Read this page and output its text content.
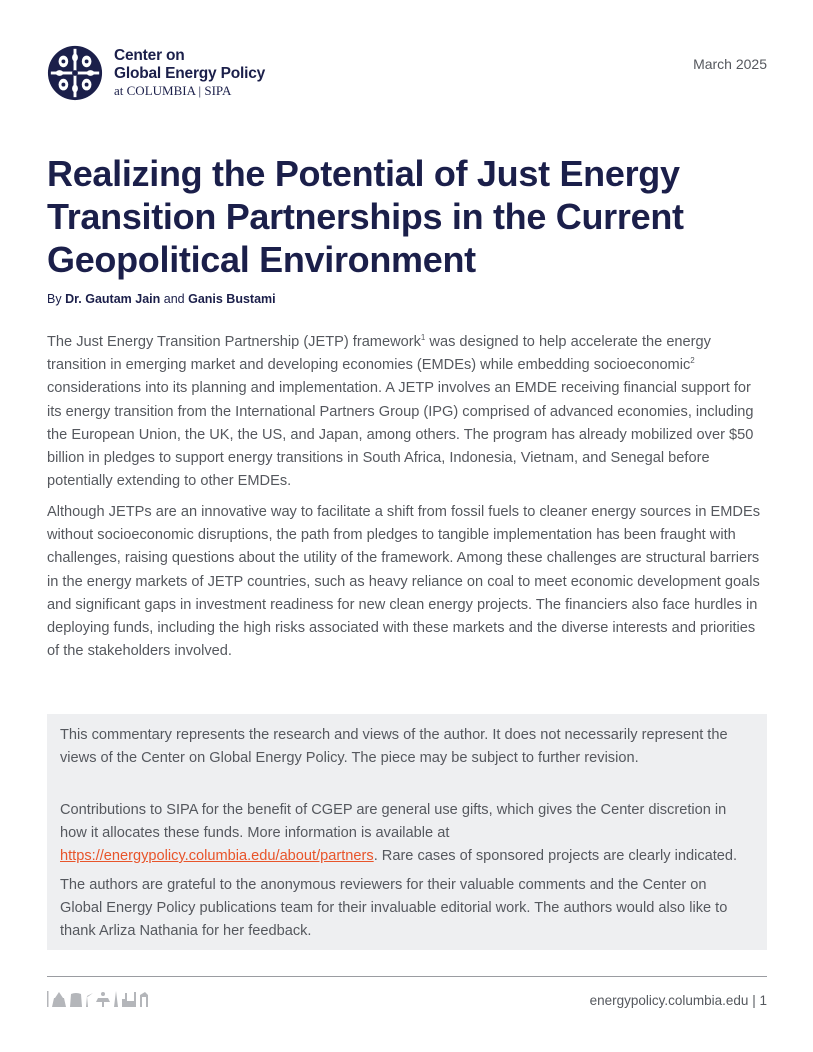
Center on
Global Energy Policy
at COLUMBIA | SIPA
March 2025
Realizing the Potential of Just Energy Transition Partnerships in the Current Geopolitical Environment
By Dr. Gautam Jain and Ganis Bustami

The Just Energy Transition Partnership (JETP) framework$^1$ was designed to help accelerate the energy transition in emerging market and developing economies (EMDEs) while embedding socioeconomic$^2$ considerations into its planning and implementation. A JETP involves an EMDE receiving financial support for its energy transition from the International Partners Group (IPG) comprised of advanced economies, including the European Union, the UK, the US, and Japan, among others. The program has already mobilized over $50 billion in pledges to support energy transitions in South Africa, Indonesia, Vietnam, and Senegal before potentially extending to other EMDEs.

Although JETPs are an innovative way to facilitate a shift from fossil fuels to cleaner energy sources in EMDEs without socioeconomic disruptions, the path from pledges to tangible implementation has been fraught with challenges, raising questions about the utility of the framework. Among these challenges are structural barriers in the energy markets of JETP countries, such as heavy reliance on coal to meet economic development goals and significant gaps in investment readiness for new clean energy projects. The financiers also face hurdles in deploying funds, including the high risks associated with these markets and the diverse interests and priorities of the stakeholders involved.

This commentary represents the research and views of the author. It does not necessarily represent the views of the Center on Global Energy Policy. The piece may be subject to further revision.

Contributions to SIPA for the benefit of CGEP are general use gifts, which gives the Center discretion in how it allocates these funds. More information is available at https://energypolicy.columbia.edu/about/partners. Rare cases of sponsored projects are clearly indicated.

The authors are grateful to the anonymous reviewers for their valuable comments and the Center on Global Energy Policy publications team for their invaluable editorial work. The authors would also like to thank Arliza Nathania for her feedback.

energypolicy.columbia.edu | 1
